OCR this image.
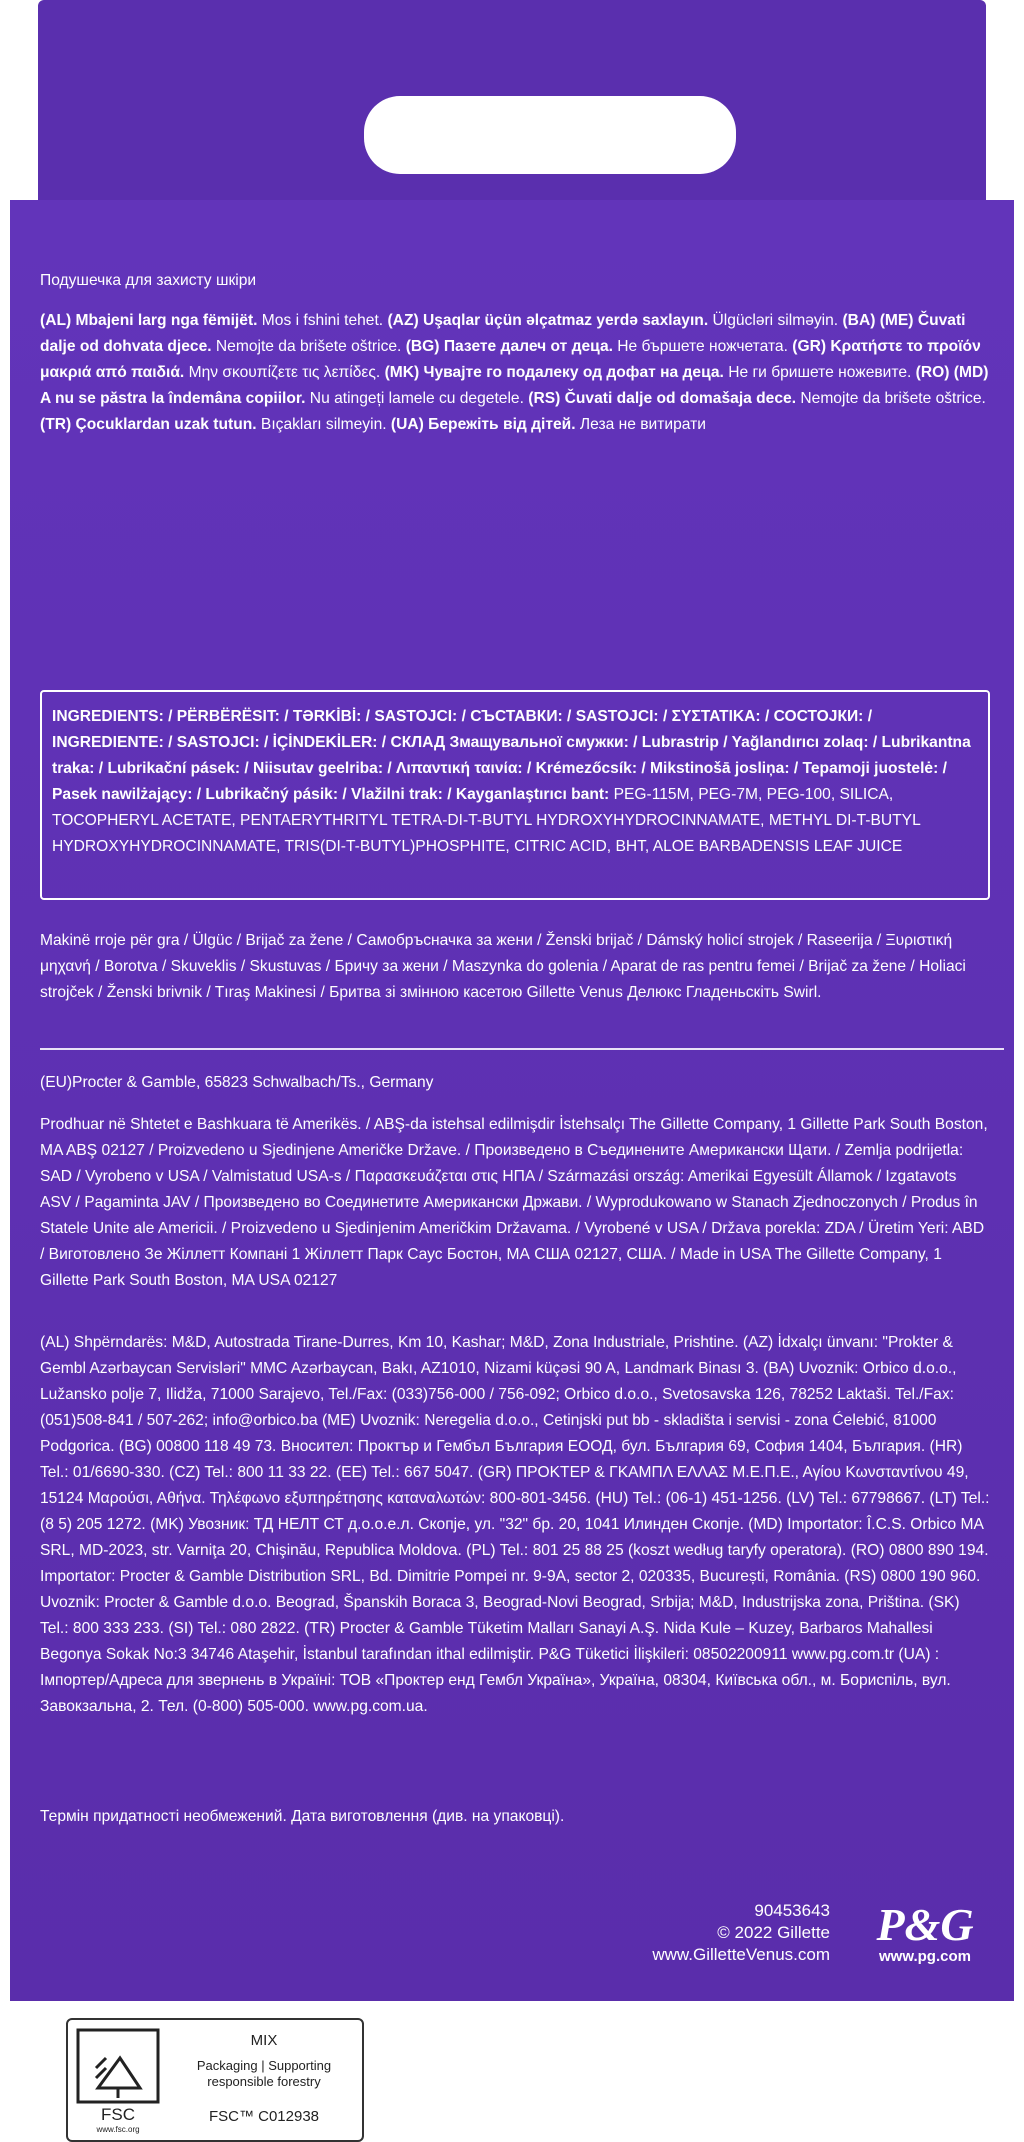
Подушечка для захисту шкіри

(AL) Mbajeni larg nga fëmijët. Mos i fshini tehet. (AZ) Uşaqlar üçün əlçatmaz yerdə saxlayın. Ülgücləri silməyin. (BA) (ME) Čuvati dalje od dohvata djece. Nemojte da brišete oštrice. (BG) Пазете далеч от деца. Не бършете ножчетата. (GR) Κρατήστε το προϊόν μακριά από παιδιά. Μην σκουπίζετε τις λεπίδες. (MK) Чувајте го подалеку од дофат на деца. Не ги бришете ножевите. (RO) (MD) A nu se păstra la îndemâna copiilor. Nu atingeți lamele cu degetele. (RS) Čuvati dalje od domašaja dece. Nemojte da brišete oštrice. (TR) Çocuklardan uzak tutun. Bıçakları silmeyin. (UA) Бережіть від дітей. Леза не витирати

INGREDIENTS: / PËRBËRËSIT: / TƏRKİBİ: / SASTOJCI: / СЪСТАВКИ: / SASTOJCI: / ΣΥΣΤΑΤΙΚΑ: / СОСТОЈКИ: / INGREDIENTE: / SASTOJCI: / İÇİNDEKİLER: / СКЛАД Змащувальної смужки: / Lubrastrip / Yağlandırıcı zolaq: / Lubrikantna traka: / Lubrikační pásek: / Niisutav geelriba: / Λιπαντική ταινία: / Krémezőcsík: / Mikstinošā josliņa: / Tepamoji juostelė: / Pasek nawilżający: / Lubrikačný pásik: / Vlažilni trak: / Kayganlaştırıcı bant: PEG-115M, PEG-7M, PEG-100, SILICA, TOCOPHERYL ACETATE, PENTAERYTHRITYL TETRA-DI-T-BUTYL HYDROXYHYDROCINNAMATE, METHYL DI-T-BUTYL HYDROXYHYDROCINNAMATE, TRIS(DI-T-BUTYL)PHOSPHITE, CITRIC ACID, BHT, ALOE BARBADENSIS LEAF JUICE

Makinë rroje për gra / Ülgüc / Brijač za žene / Самобръсначка за жени / Ženski brijač / Dámský holicí strojek / Raseerija / Ξυριστική μηχανή / Borotva / Skuveklis / Skustuvas / Бричу за жени / Maszynka do golenia / Aparat de ras pentru femei / Brijač za žene / Holiaci strojček / Ženski brivnik / Tıraş Makinesi / Бритва зі змінною касетою Gillette Venus Делюкс Гладеньскіть Swirl.

(EU)Procter & Gamble, 65823 Schwalbach/Ts., Germany

Prodhuar në Shtetet e Bashkuara të Amerikës. / ABŞ-da istehsal edilmişdir İstehsalçı The Gillette Company, 1 Gillette Park South Boston, MA ABŞ 02127 / Proizvedeno u Sjedinjene Američke Države. / Произведено в Съединените Американски Щати. / Zemlja podrijetla: SAD / Vyrobeno v USA / Valmistatud USA-s / Παρασκευάζεται στις ΗΠΑ / Származási ország: Amerikai Egyesült Államok / Izgatavots ASV / Pagaminta JAV / Произведено во Соединетите Американски Држави. / Wyprodukowano w Stanach Zjednoczonych / Produs în Statele Unite ale Americii. / Proizvedeno u Sjedinjenim Američkim Državama. / Vyrobené v USA / Država porekla: ZDA / Üretim Yeri: ABD / Виготовлено Зе Жіллетт Компані 1 Жіллетт Парк Саус Бостон, МА США 02127, США. / Made in USA The Gillette Company, 1 Gillette Park South Boston, MA USA 02127

(AL) Shpërndarës: M&D, Autostrada Tirane-Durres, Km 10, Kashar; M&D, Zona Industriale, Prishtine. (AZ) İdxalçı ünvanı: "Prokter & Gembl Azərbaycan Servisləri" MMC Azərbaycan, Bakı, AZ1010, Nizami küçəsi 90 A, Landmark Binası 3. (BA) Uvoznik: Orbico d.o.o., Lužansko polje 7, Ilidža, 71000 Sarajevo, Tel./Fax: (033)756-000 / 756-092; Orbico d.o.o., Svetosavska 126, 78252 Laktaši. Tel./Fax: (051)508-841 / 507-262; info@orbico.ba (ME) Uvoznik: Neregelia d.o.o., Cetinjski put bb - skladišta i servisi - zona Ćelebić, 81000 Podgorica. (BG) 00800 118 49 73. Вносител: Проктър и Гембъл България ЕООД, бул. България 69, София 1404, България. (HR) Tel.: 01/6690-330. (CZ) Tel.: 800 11 33 22. (EE) Tel.: 667 5047. (GR) ΠΡΟΚΤΕΡ & ΓΚΑΜΠΛ ΕΛΛΑΣ Μ.Ε.Π.Ε., Αγίου Κωνσταντίνου 49, 15124 Μαρούσι, Αθήνα. Τηλέφωνο εξυπηρέτησης καταναλωτών: 800-801-3456. (HU) Tel.: (06-1) 451-1256. (LV) Tel.: 67798667. (LT) Tel.: (8 5) 205 1272. (MK) Увозник: ТД НЕЛТ СТ д.о.о.е.л. Скопје, ул. "32" бр. 20, 1041 Илинден Скопје. (MD) Importator: Î.C.S. Orbico MA SRL, MD-2023, str. Varniţa 20, Chişinău, Republica Moldova. (PL) Tel.: 801 25 88 25 (koszt według taryfy operatora). (RO) 0800 890 194. Importator: Procter & Gamble Distribution SRL, Bd. Dimitrie Pompei nr. 9-9A, sector 2, 020335, București, România. (RS) 0800 190 960. Uvoznik: Procter & Gamble d.o.o. Beograd, Španskih Boraca 3, Beograd-Novi Beograd, Srbija; M&D, Industrijska zona, Priština. (SK) Tel.: 800 333 233. (SI) Tel.: 080 2822. (TR) Procter & Gamble Tüketim Malları Sanayi A.Ş. Nida Kule – Kuzey, Barbaros Mahallesi Begonya Sokak No:3 34746 Ataşehir, İstanbul tarafından ithal edilmiştir. P&G Tüketici İlişkileri: 08502200911 www.pg.com.tr (UA) : Імпортер/Адреса для звернень в Україні: ТОВ «Проктер енд Гембл Україна», Україна, 08304, Київська обл., м. Бориспіль, вул. Завокзальна, 2. Тел. (0-800) 505-000. www.pg.com.ua.

Термін придатності необмежений. Дата виготовлення (див. на упаковці).

FSC
www.fsc.org
MIX
Packaging | Supporting responsible forestry
FSC™ C012938
90453643
© 2022 Gillette
www.GilletteVenus.com
P&G
www.pg.com
